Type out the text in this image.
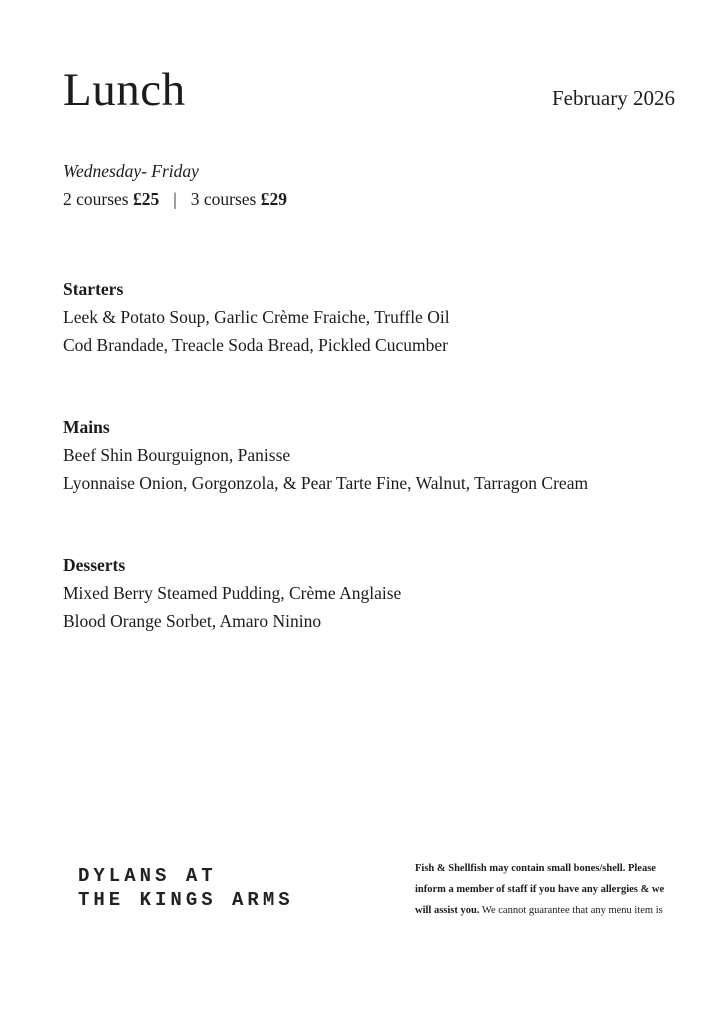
Lunch	February 2026

Wednesday- Friday

2 courses £25 | 3 courses £29

Starters

Leek & Potato Soup, Garlic Crème Fraiche, Truffle Oil

Cod Brandade, Treacle Soda Bread, Pickled Cucumber

Mains

Beef Shin Bourguignon, Panisse

Lyonnaise Onion, Gorgonzola, & Pear Tarte Fine, Walnut, Tarragon Cream

Desserts

Mixed Berry Steamed Pudding, Crème Anglaise

Blood Orange Sorbet, Amaro Ninino

DYLANS AT
THE KINGS ARMS

Fish & Shellfish may contain small bones/shell. Please inform a member of staff if you have any allergies & we will assist you. We cannot guarantee that any menu item is
